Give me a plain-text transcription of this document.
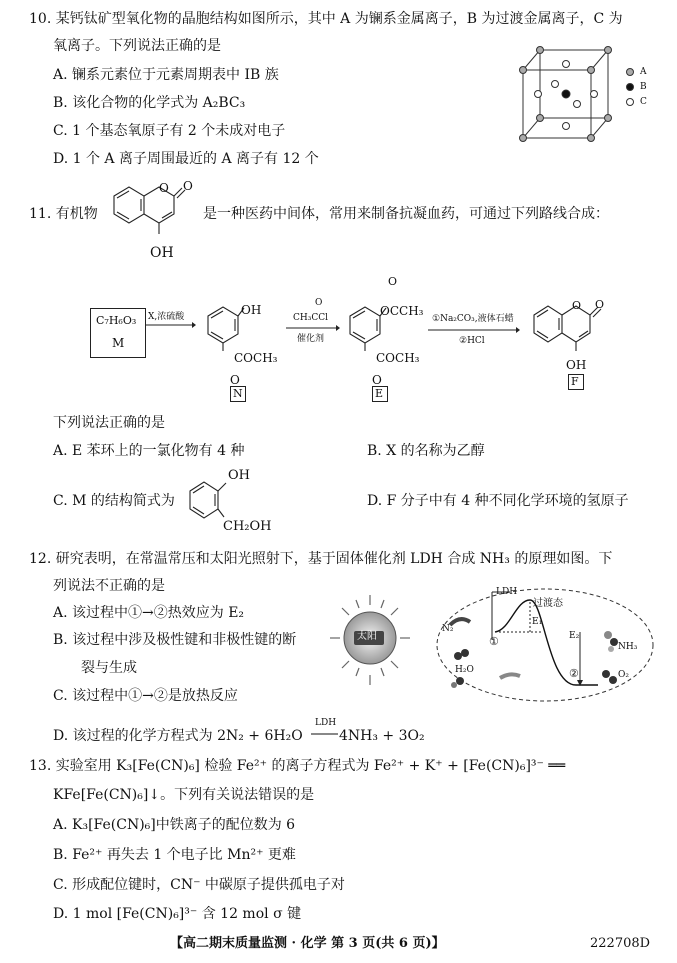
10. 某钙钛矿型氧化物的晶胞结构如图所示，其中 A 为镧系金属离子，B 为过渡金属离子，C 为
氧离子。下列说法正确的是
A. 镧系元素位于元素周期表中 IB 族
B. 该化合物的化学式为 A₂BC₃
C. 1 个基态氧原子有 2 个未成对电子
D. 1 个 A 离子周围最近的 A 离子有 12 个
A
B
C
11. 有机物
O O
OH
是一种医药中间体，常用来制备抗凝血药，可通过下列路线合成：
C₇H₆O₃
M
X,浓硫酸	OH
COCH₃
O
N
O
CH₃CCl
催化剂
O
OCCH₃
COCH₃
O
E
①Na₂CO₃,液体石蜡
②HCl
O O
OH
F
下列说法正确的是
A. E 苯环上的一氯化物有 4 种	B. X 的名称为乙醇
C. M 的结构简式为
OH
CH₂OH
D. F 分子中有 4 种不同化学环境的氢原子
12. 研究表明，在常温常压和太阳光照射下，基于固体催化剂 LDH 合成 NH₃ 的原理如图。下
列说法不正确的是
A. 该过程中①→②热效应为 E₂
B. 该过程中涉及极性键和非极性键的断
裂与生成
C. 该过程中①→②是放热反应
D. 该过程的化学方程式为 2N₂ + 6H₂O
LDH
4NH₃ + 3O₂
太阳
LDH
过渡态
E₁
E₂
N₂
H₂O
NH₃
O₂
①
②
13. 实验室用 K₃[Fe(CN)₆] 检验 Fe²⁺ 的离子方程式为 Fe²⁺ + K⁺ + [Fe(CN)₆]³⁻ ══
KFe[Fe(CN)₆]↓。下列有关说法错误的是
A. K₃[Fe(CN)₆]中铁离子的配位数为 6
B. Fe²⁺ 再失去 1 个电子比 Mn²⁺ 更难
C. 形成配位键时，CN⁻ 中碳原子提供孤电子对
D. 1 mol [Fe(CN)₆]³⁻ 含 12 mol σ 键
【高二期末质量监测 · 化学 第 3 页(共 6 页)】	222708D
